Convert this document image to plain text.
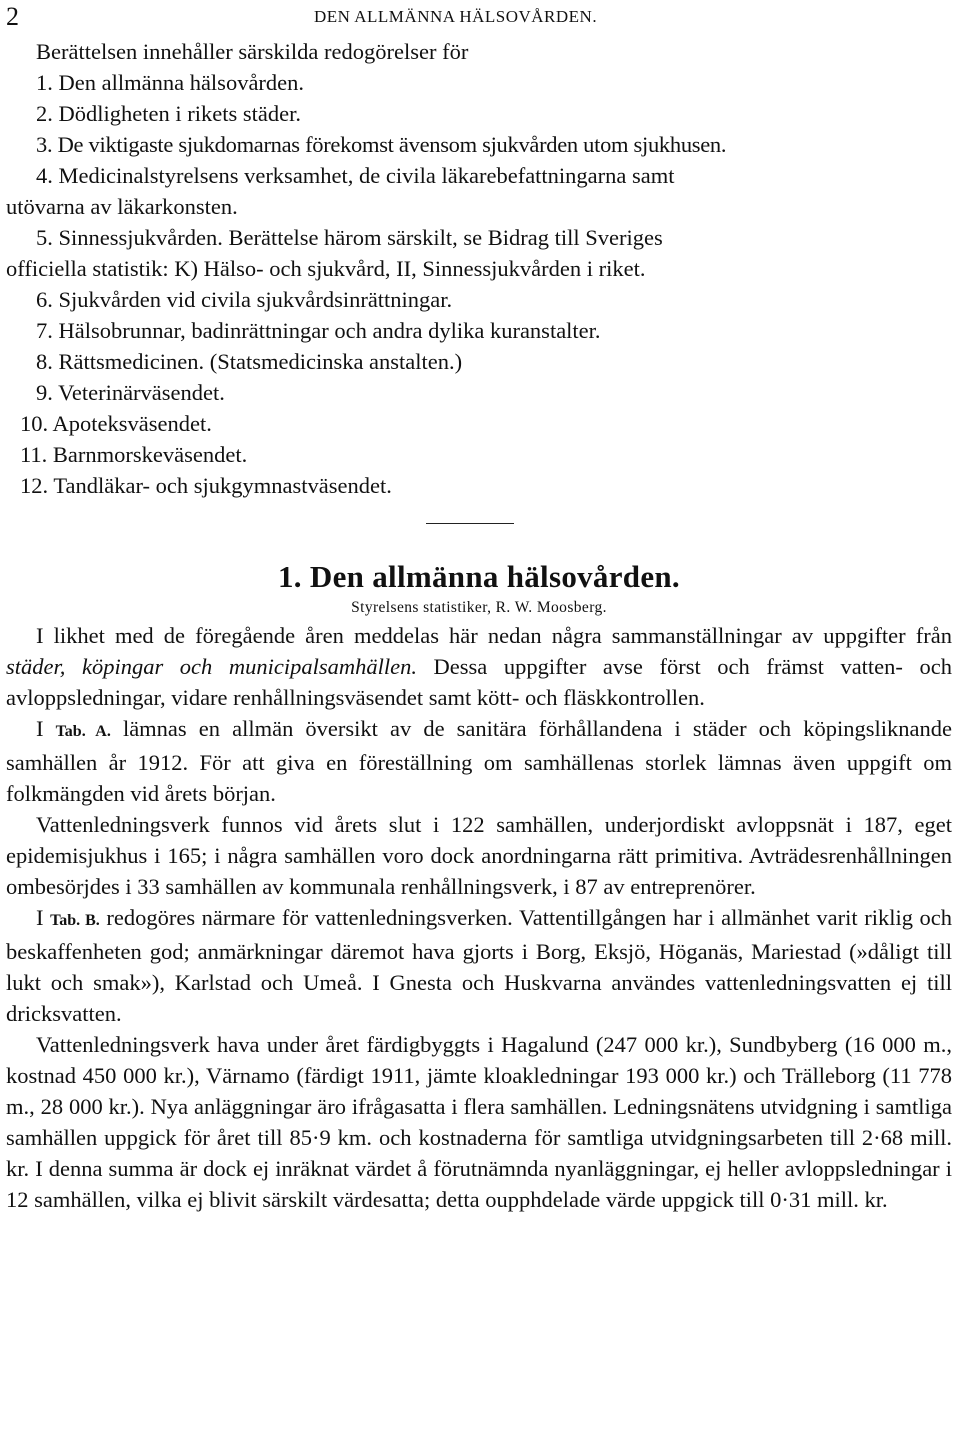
2	DEN ALLMÄNNA HÄLSOVÅRDEN.
Berättelsen innehåller särskilda redogörelser för
1. Den allmänna hälsovården.
2. Dödligheten i rikets städer.
3. De viktigaste sjukdomarnas förekomst ävensom sjukvården utom sjukhusen.
4. Medicinalstyrelsens verksamhet, de civila läkarebefattningarna samt
utövarna av läkarkonsten.
5. Sinnessjukvården. Berättelse härom särskilt, se Bidrag till Sveriges
officiella statistik: K) Hälso- och sjukvård, II, Sinnessjukvården i riket.
6. Sjukvården vid civila sjukvårdsinrättningar.
7. Hälsobrunnar, badinrättningar och andra dylika kuranstalter.
8. Rättsmedicinen. (Statsmedicinska anstalten.)
9. Veterinärväsendet.
10. Apoteksväsendet.
11. Barnmorskeväsendet.
12. Tandläkar- och sjukgymnastväsendet.
1. Den allmänna hälsovården.
Styrelsens statistiker, R. W. Moosberg.
I likhet med de föregående åren meddelas här nedan några sammanställningar av uppgifter från städer, köpingar och municipalsamhällen. Dessa uppgifter avse först och främst vatten- och avloppsledningar, vidare renhållningsväsendet samt kött- och fläskkontrollen.
I Tab. A. lämnas en allmän översikt av de sanitära förhållandena i städer och köpingsliknande samhällen år 1912. För att giva en föreställning om samhällenas storlek lämnas även uppgift om folkmängden vid årets början.
Vattenledningsverk funnos vid årets slut i 122 samhällen, underjordiskt avloppsnät i 187, eget epidemisjukhus i 165; i några samhällen voro dock anordningarna rätt primitiva. Avträdesrenhållningen ombesörjdes i 33 samhällen av kommunala renhållningsverk, i 87 av entreprenörer.
I Tab. B. redogöres närmare för vattenledningsverken. Vattentillgången har i allmänhet varit riklig och beskaffenheten god; anmärkningar däremot hava gjorts i Borg, Eksjö, Höganäs, Mariestad (»dåligt till lukt och smak»), Karlstad och Umeå. I Gnesta och Huskvarna användes vattenledningsvatten ej till dricksvatten.
Vattenledningsverk hava under året färdigbyggts i Hagalund (247 000 kr.), Sundbyberg (16 000 m., kostnad 450 000 kr.), Värnamo (färdigt 1911, jämte kloakledningar 193 000 kr.) och Trälleborg (11 778 m., 28 000 kr.). Nya anläggningar äro ifrågasatta i flera samhällen. Ledningsnätens utvidgning i samtliga samhällen uppgick för året till 85·9 km. och kostnaderna för samtliga utvidgningsarbeten till 2·68 mill. kr. I denna summa är dock ej inräknat värdet å förutnämnda nyanläggningar, ej heller avloppsledningar i 12 samhällen, vilka ej blivit särskilt värdesatta; detta oupphdelade värde uppgick till 0·31 mill. kr.
